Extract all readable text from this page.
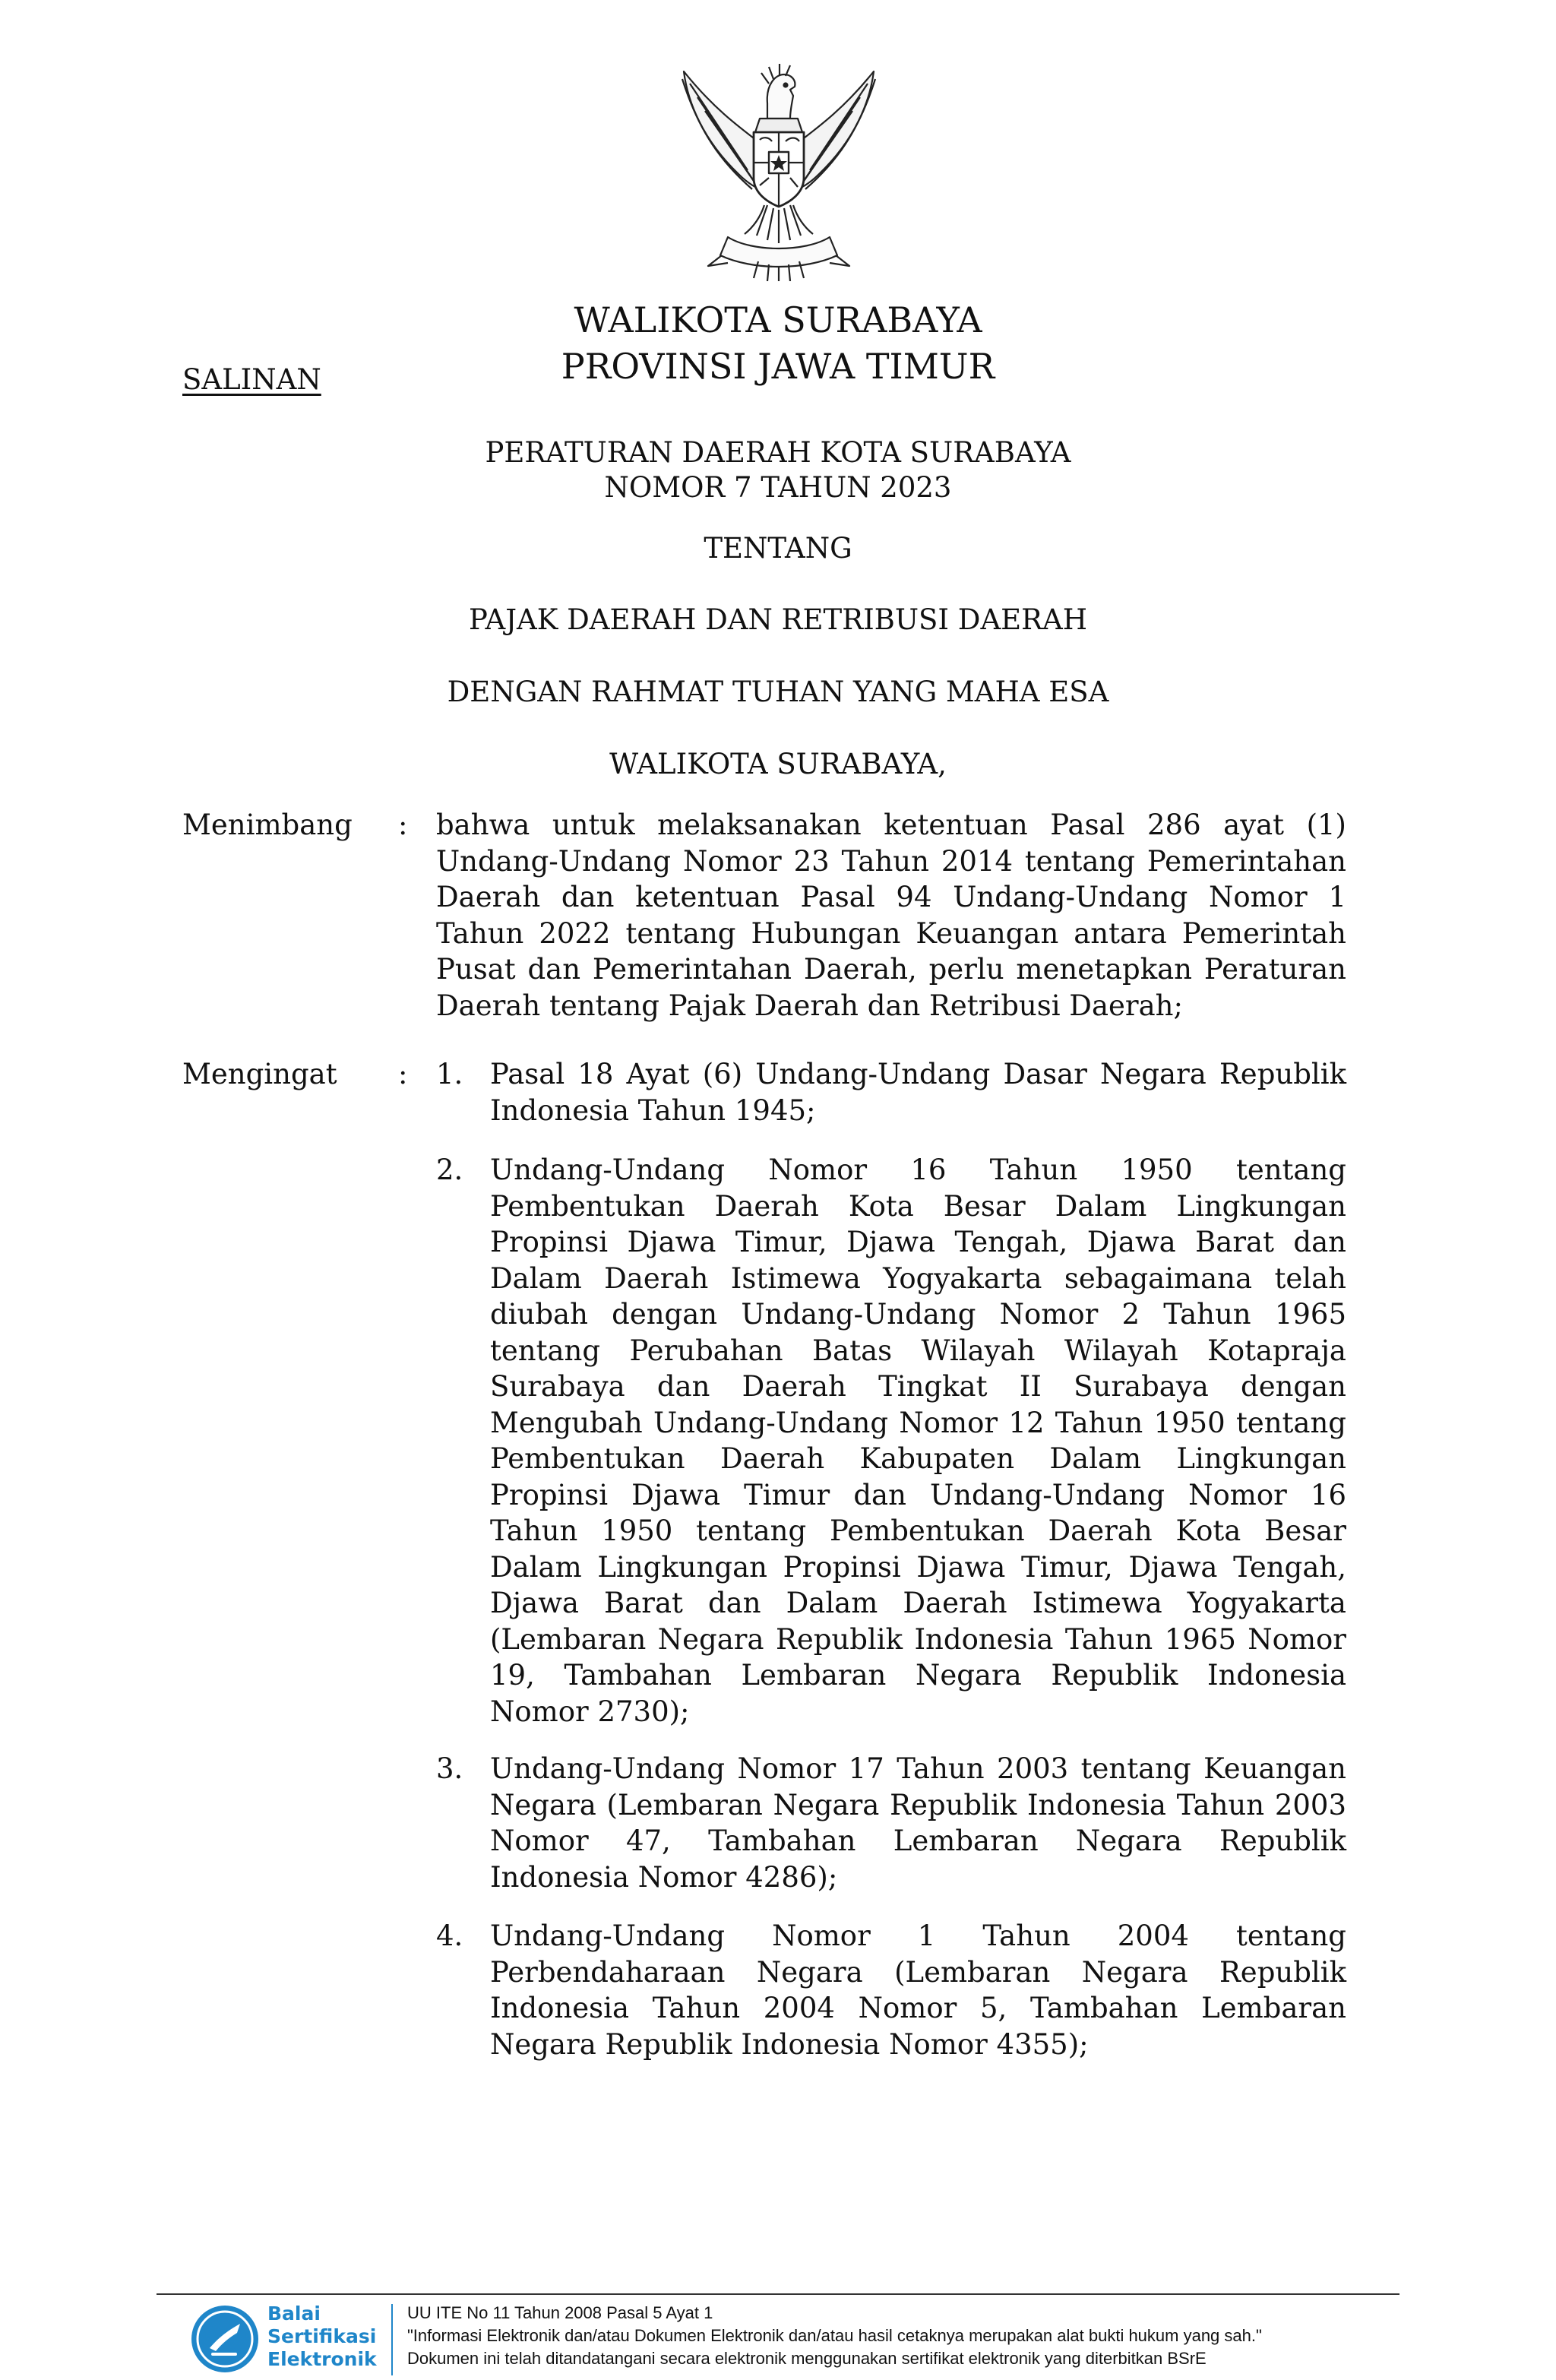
SALINAN
WALIKOTA SURABAYA
PROVINSI JAWA TIMUR
PERATURAN DAERAH KOTA SURABAYA
NOMOR 7 TAHUN 2023
TENTANG
PAJAK DAERAH DAN RETRIBUSI DAERAH
DENGAN RAHMAT TUHAN YANG MAHA ESA
WALIKOTA SURABAYA,
Menimbang : bahwa untuk melaksanakan ketentuan Pasal 286 ayat (1) Undang-Undang Nomor 23 Tahun 2014 tentang Pemerintahan Daerah dan ketentuan Pasal 94 Undang-Undang Nomor 1 Tahun 2022 tentang Hubungan Keuangan antara Pemerintah Pusat dan Pemerintahan Daerah, perlu menetapkan Peraturan Daerah tentang Pajak Daerah dan Retribusi Daerah;
Mengingat : 1. Pasal 18 Ayat (6) Undang-Undang Dasar Negara Republik Indonesia Tahun 1945;
2. Undang-Undang Nomor 16 Tahun 1950 tentang Pembentukan Daerah Kota Besar Dalam Lingkungan Propinsi Djawa Timur, Djawa Tengah, Djawa Barat dan Dalam Daerah Istimewa Yogyakarta sebagaimana telah diubah dengan Undang-Undang Nomor 2 Tahun 1965 tentang Perubahan Batas Wilayah Wilayah Kotapraja Surabaya dan Daerah Tingkat II Surabaya dengan Mengubah Undang-Undang Nomor 12 Tahun 1950 tentang Pembentukan Daerah Kabupaten Dalam Lingkungan Propinsi Djawa Timur dan Undang-Undang Nomor 16 Tahun 1950 tentang Pembentukan Daerah Kota Besar Dalam Lingkungan Propinsi Djawa Timur, Djawa Tengah, Djawa Barat dan Dalam Daerah Istimewa Yogyakarta (Lembaran Negara Republik Indonesia Tahun 1965 Nomor 19, Tambahan Lembaran Negara Republik Indonesia Nomor 2730);
3. Undang-Undang Nomor 17 Tahun 2003 tentang Keuangan Negara (Lembaran Negara Republik Indonesia Tahun 2003 Nomor 47, Tambahan Lembaran Negara Republik Indonesia Nomor 4286);
4. Undang-Undang Nomor 1 Tahun 2004 tentang Perbendaharaan Negara (Lembaran Negara Republik Indonesia Tahun 2004 Nomor 5, Tambahan Lembaran Negara Republik Indonesia Nomor 4355);
Balai
Sertifikasi
Elektronik
UU ITE No 11 Tahun 2008 Pasal 5 Ayat 1
"Informasi Elektronik dan/atau Dokumen Elektronik dan/atau hasil cetaknya merupakan alat bukti hukum yang sah."
Dokumen ini telah ditandatangani secara elektronik menggunakan sertifikat elektronik yang diterbitkan BSrE
